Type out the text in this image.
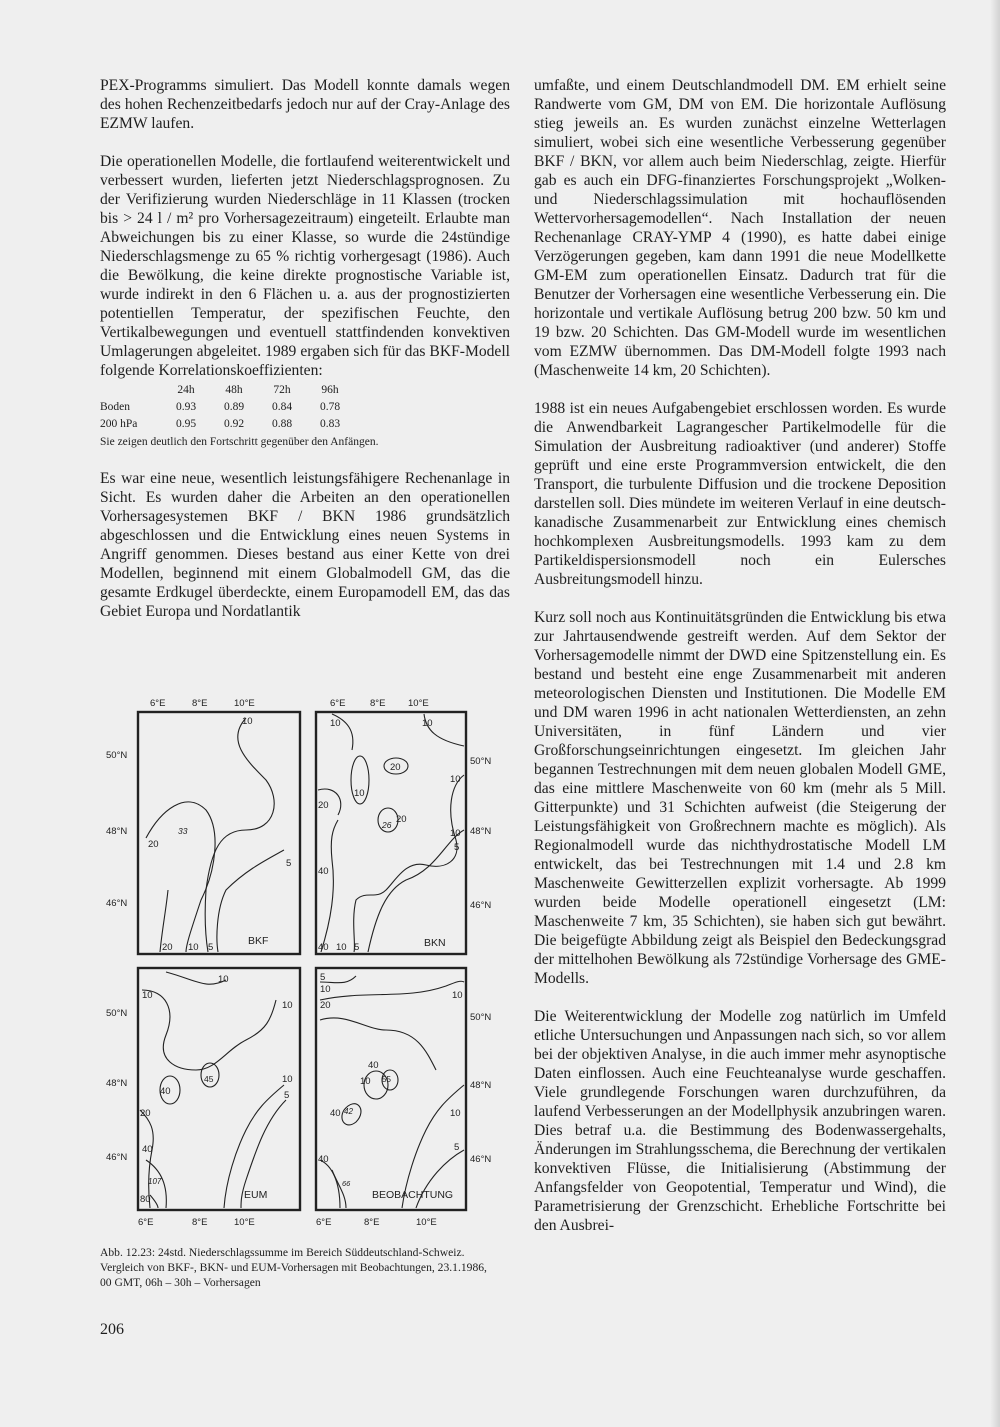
PEX-Programms simuliert. Das Modell konnte damals wegen des hohen Rechenzeitbedarfs jedoch nur auf der Cray-Anlage des EZMW laufen.

Die operationellen Modelle, die fortlaufend weiterentwickelt und verbessert wurden, lieferten jetzt Niederschlagsprognosen. Zu der Verifizierung wurden Niederschläge in 11 Klassen (trocken bis > 24 l / m² pro Vorhersagezeitraum) eingeteilt. Erlaubte man Abweichungen bis zu einer Klasse, so wurde die 24stündige Niederschlagsmenge zu 65 % richtig vorhergesagt (1986). Auch die Bewölkung, die keine direkte prognostische Variable ist, wurde indirekt in den 6 Flächen u. a. aus der prognostizierten potentiellen Temperatur, der spezifischen Feuchte, den Vertikalbewegungen und eventuell stattfindenden konvektiven Umlagerungen abgeleitet. 1989 ergaben sich für das BKF-Modell folgende Korrelationskoeffizienten:

	24h	48h	72h	96h
Boden	0.93	0.89	0.84	0.78
200 hPa	0.95	0.92	0.88	0.83
Sie zeigen deutlich den Fortschritt gegenüber den Anfängen.

Es war eine neue, wesentlich leistungsfähigere Rechenanlage in Sicht. Es wurden daher die Arbeiten an den operationellen Vorhersagesystemen BKF / BKN 1986 grundsätzlich abgeschlossen und die Entwicklung eines neuen Systems in Angriff genommen. Dieses bestand aus einer Kette von drei Modellen, beginnend mit einem Globalmodell GM, das die gesamte Erdkugel überdeckte, einem Europamodell EM, das das Gebiet Europa und Nordatlantik

umfaßte, und einem Deutschlandmodell DM. EM erhielt seine Randwerte vom GM, DM von EM. Die horizontale Auflösung stieg jeweils an. Es wurden zunächst einzelne Wetterlagen simuliert, wobei sich eine wesentliche Verbesserung gegenüber BKF / BKN, vor allem auch beim Niederschlag, zeigte. Hierfür gab es auch ein DFG-finanziertes Forschungsprojekt „Wolken- und Niederschlagssimulation mit hochauflösenden Wettervorhersagemodellen“. Nach Installation der neuen Rechenanlage CRAY-YMP 4 (1990), es hatte dabei einige Verzögerungen gegeben, kam dann 1991 die neue Modellkette GM-EM zum operationellen Einsatz. Dadurch trat für die Benutzer der Vorhersagen eine wesentliche Verbesserung ein. Die horizontale und vertikale Auflösung betrug 200 bzw. 50 km und 19 bzw. 20 Schichten. Das GM-Modell wurde im wesentlichen vom EZMW übernommen. Das DM-Modell folgte 1993 nach (Maschenweite 14 km, 20 Schichten).

1988 ist ein neues Aufgabengebiet erschlossen worden. Es wurde die Anwendbarkeit Lagrangescher Partikelmodelle für die Simulation der Ausbreitung radioaktiver (und anderer) Stoffe geprüft und eine erste Programmversion entwickelt, die den Transport, die turbulente Diffusion und die trockene Deposition darstellen soll. Dies mündete im weiteren Verlauf in eine deutsch-kanadische Zusammenarbeit zur Entwicklung eines chemisch hochkomplexen Ausbreitungsmodells. 1993 kam zu dem Partikeldispersionsmodell noch ein Eulersches Ausbreitungsmodell hinzu.

Kurz soll noch aus Kontinuitätsgründen die Entwicklung bis etwa zur Jahrtausendwende gestreift werden. Auf dem Sektor der Vorhersagemodelle nimmt der DWD eine Spitzenstellung ein. Es bestand und besteht eine enge Zusammenarbeit mit anderen meteorologischen Diensten und Institutionen. Die Modelle EM und DM waren 1996 in acht nationalen Wetterdiensten, an zehn Universitäten, in fünf Ländern und vier Großforschungseinrichtungen eingesetzt. Im gleichen Jahr begannen Testrechnungen mit dem neuen globalen Modell GME, das eine mittlere Maschenweite von 60 km (mehr als 5 Mill. Gitterpunkte) und 31 Schichten aufweist (die Steigerung der Leistungsfähigkeit von Großrechnern machte es möglich). Als Regionalmodell wurde das nichthydrostatische Modell LM entwickelt, das bei Testrechnungen mit 1.4 und 2.8 km Maschenweite Gewitterzellen explizit vorhersagte. Ab 1999 wurden beide Modelle operationell eingesetzt (LM: Maschenweite 7 km, 35 Schichten), sie haben sich gut bewährt. Die beigefügte Abbildung zeigt als Beispiel den Bedeckungsgrad der mittelhohen Bewölkung als 72stündige Vorhersage des GME-Modells.

Die Weiterentwicklung der Modelle zog natürlich im Umfeld etliche Untersuchungen und Anpassungen nach sich, so vor allem bei der objektiven Analyse, in die auch immer mehr asynoptische Daten einflossen. Auch eine Feuchteanalyse wurde geschaffen. Viele grundlegende Forschungen waren durchzuführen, da laufend Verbesserungen an der Modellphysik anzubringen waren. Dies betraf u.a. die Bestimmung des Bodenwassergehalts, Änderungen im Strahlungsschema, die Berechnung der vertikalen konvektiven Flüsse, die Initialisierung (Abstimmung der Anfangsfelder von Geopotential, Temperatur und Wind), die Parametrisierung der Grenzschicht. Erhebliche Fortschritte bei den Ausbrei-

6°E	8°E	10°E	6°E	8°E 10°E
6°E	8°E	10°E	6°E	8°E	10°E
50°N
48°N
46°N
50°N
48°N
46°N
50°N
48°N
46°N
50°N
48°N
46°N
BKF	BKN
EUM	BEOBACHTUNG
10
20
33
5
20 10 5
10	10
20
10
10
20
26 20
10
5
40
40 10 5
10
10
10
40
45	10
5
20
40
107
80
5
10
10
20
40
55
10
42
40	10
5
40
66
Abb. 12.23: 24std. Niederschlagssumme im Bereich Süddeutschland-Schweiz. Vergleich von BKF-, BKN- und EUM-Vorhersagen mit Beobachtungen, 23.1.1986, 00 GMT, 06h – 30h – Vorhersagen
206
